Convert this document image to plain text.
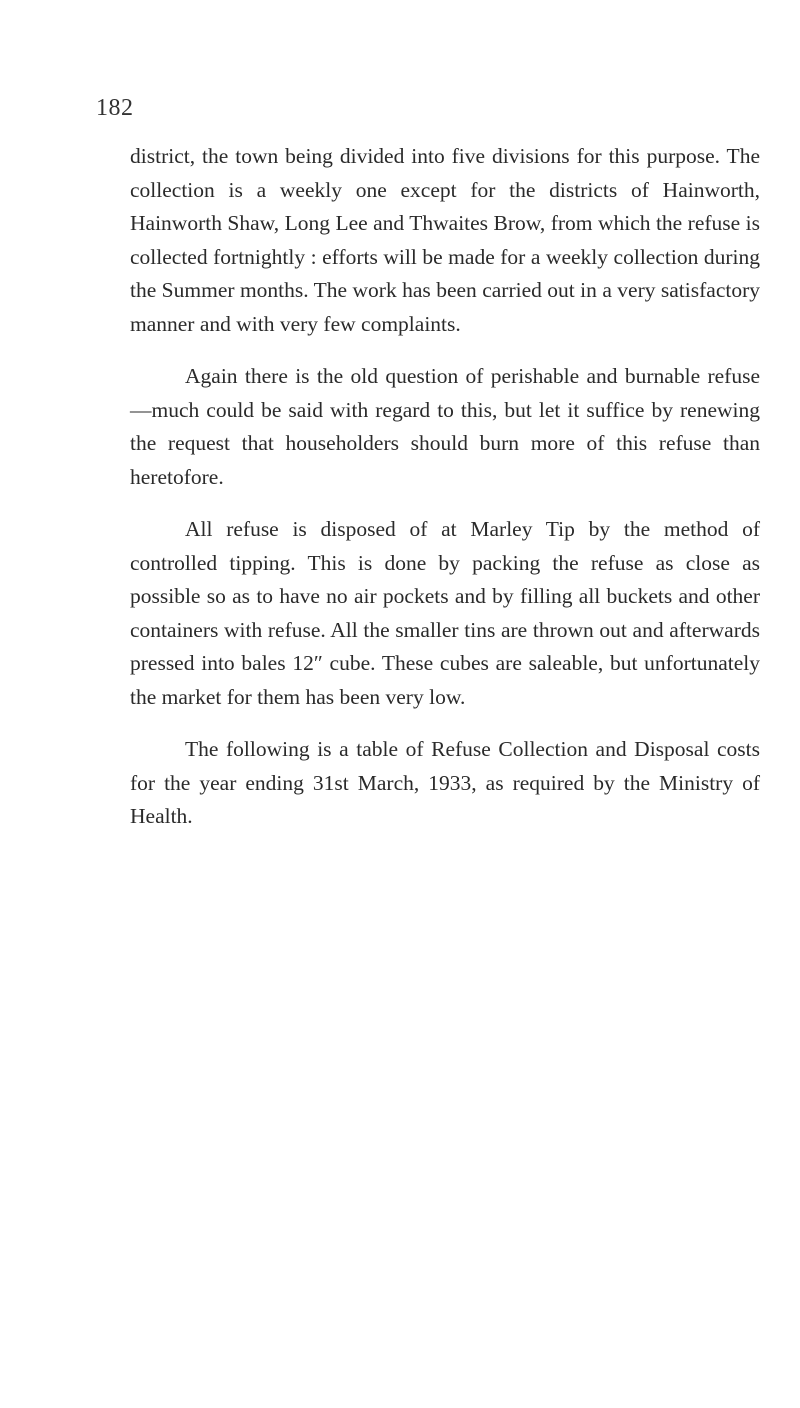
182

district, the town being divided into five divisions for this purpose. The collection is a weekly one except for the districts of Hainworth, Hainworth Shaw, Long Lee and Thwaites Brow, from which the refuse is collected fortnightly : efforts will be made for a weekly collection during the Summer months. The work has been carried out in a very satisfactory manner and with very few complaints.

Again there is the old question of perishable and burnable refuse—much could be said with regard to this, but let it suffice by renewing the request that householders should burn more of this refuse than heretofore.

All refuse is disposed of at Marley Tip by the method of controlled tipping. This is done by packing the refuse as close as possible so as to have no air pockets and by filling all buckets and other containers with refuse. All the smaller tins are thrown out and afterwards pressed into bales 12″ cube. These cubes are saleable, but unfortunately the market for them has been very low.

The following is a table of Refuse Collection and Disposal costs for the year ending 31st March, 1933, as required by the Ministry of Health.
